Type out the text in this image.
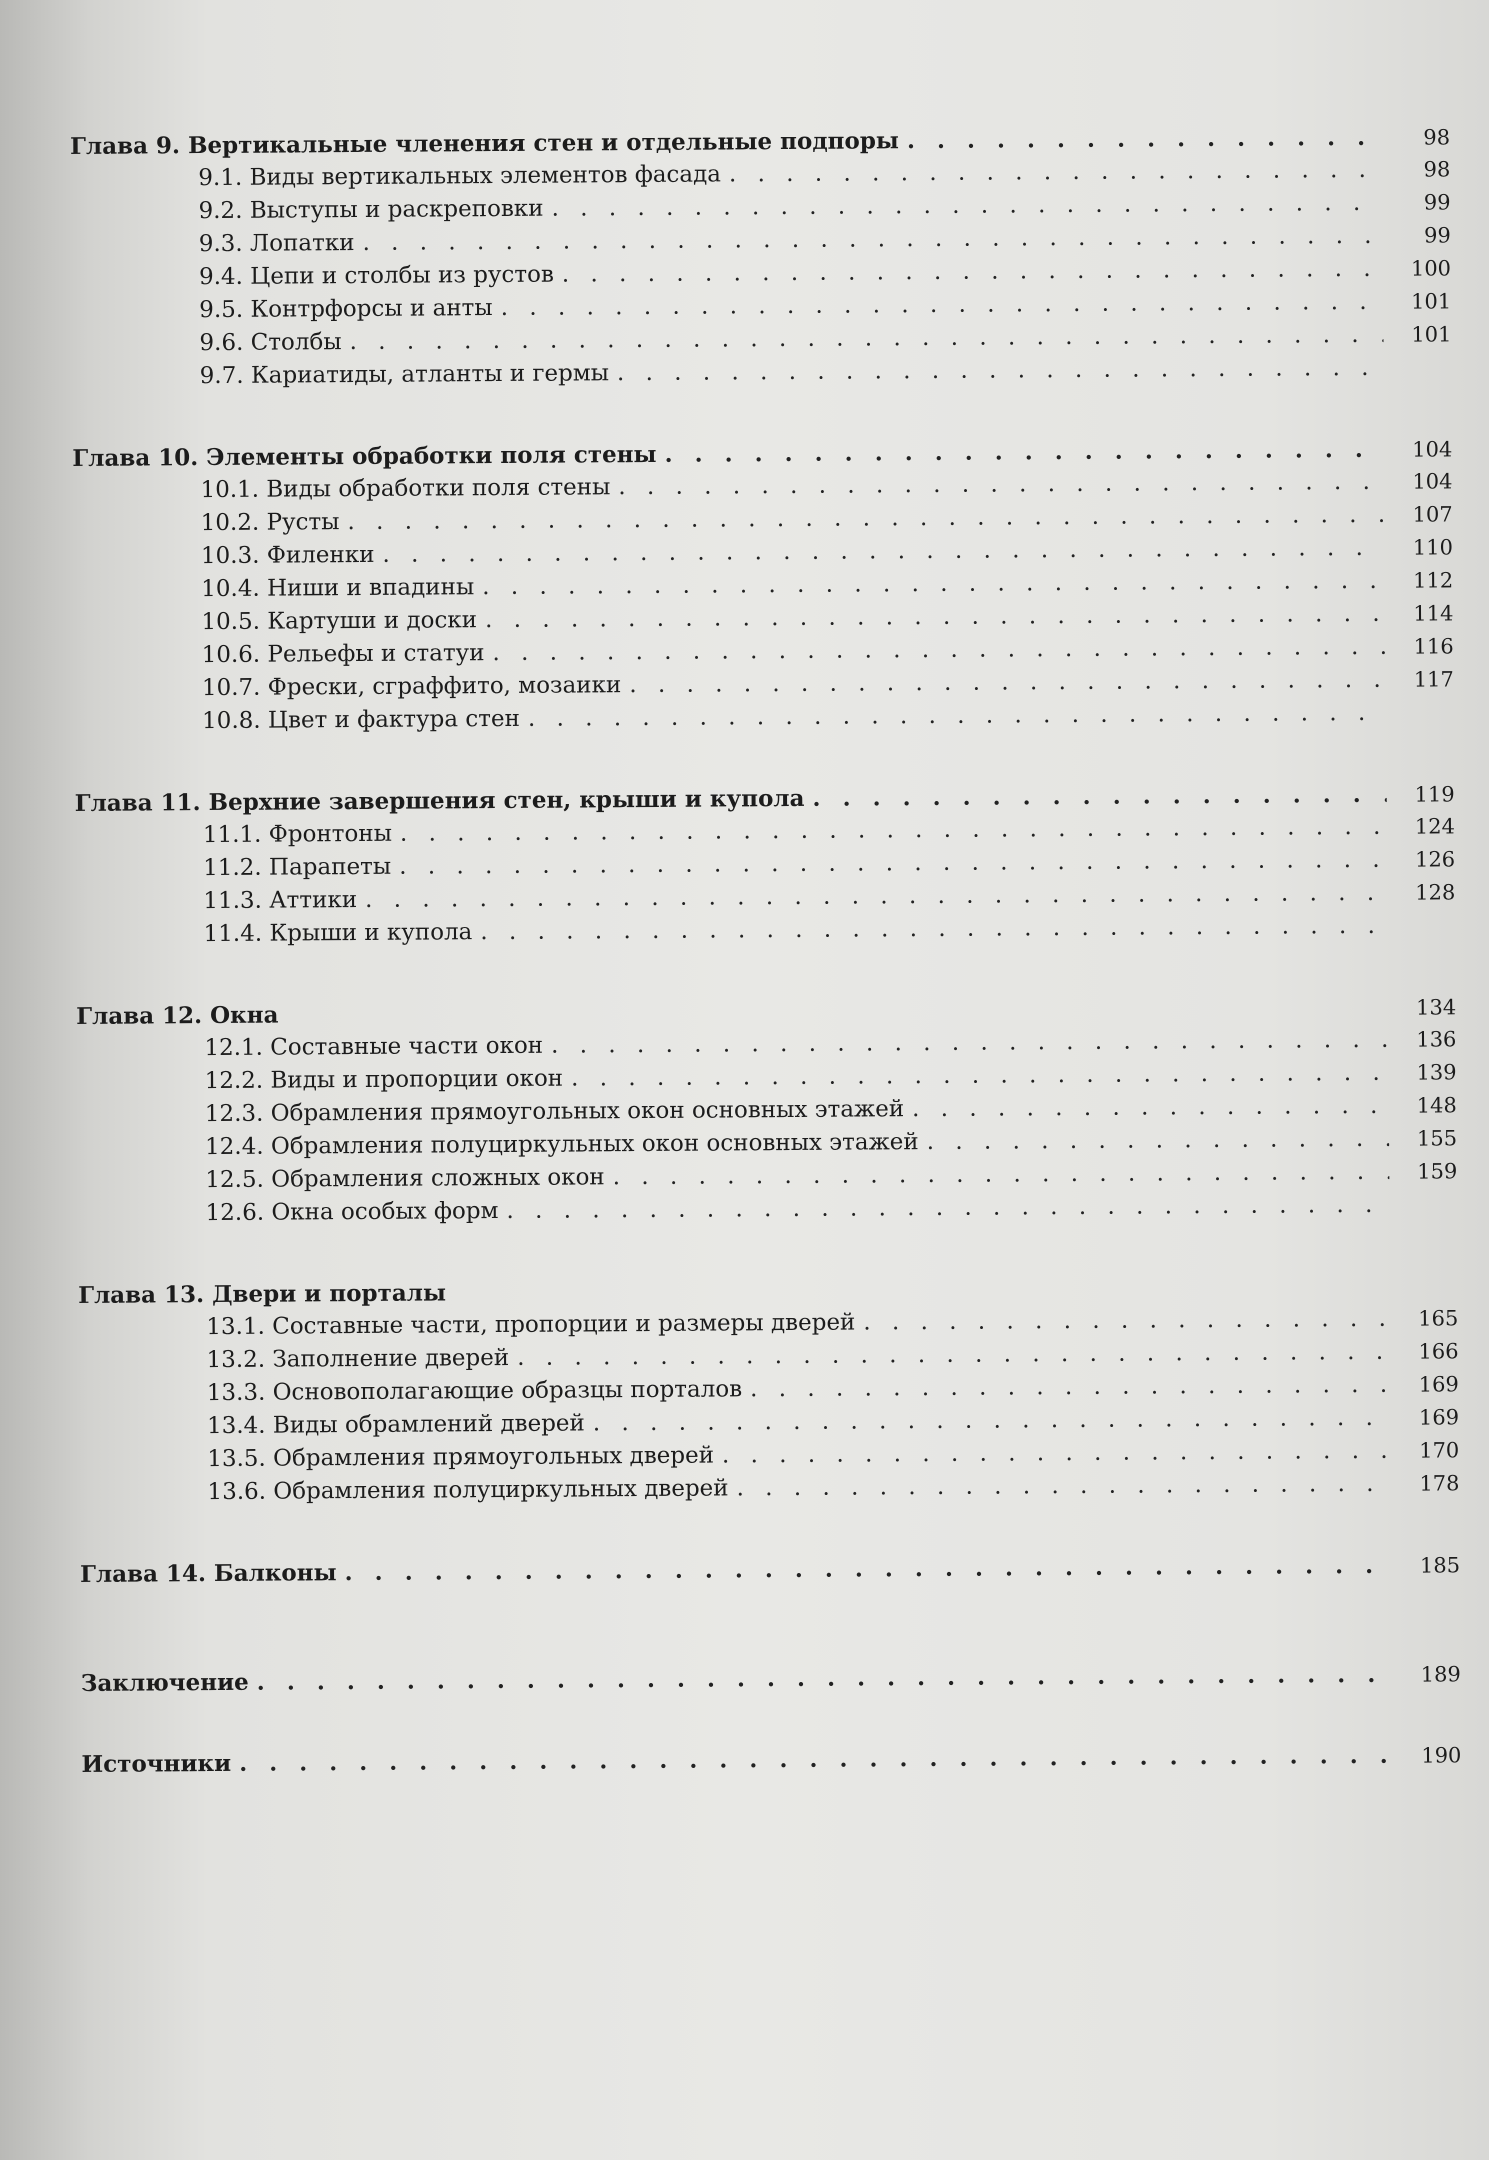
Глава 9. Вертикальные членения стен и отдельные подпоры . . .	98
9.1. Виды вертикальных элементов фасада . . .	98
9.2. Выступы и раскреповки . . .	99
9.3. Лопатки . . .	99
9.4. Цепи и столбы из рустов . . .	100
9.5. Контрфорсы и анты . . .	101
9.6. Столбы . . .	101
9.7. Кариатиды, атланты и гермы
. . .
Глава 10. Элементы обработки поля стены . . .	104
10.1. Виды обработки поля стены . . .	104
10.2. Русты . . .	107
10.3. Филенки . . .	110
10.4. Ниши и впадины . . .	112
10.5. Картуши и доски . . .	114
10.6. Рельефы и статуи . . .	116
10.7. Фрески, сграффито, мозаики . . .	117
10.8. Цвет и фактура стен
. . .
Глава 11. Верхние завершения стен, крыши и купола . . .	119
11.1. Фронтоны . . .	124
11.2. Парапеты . . .	126
11.3. Аттики . . .	128
11.4. Крыши и купола
. . .
Глава 12. Окна	134
12.1. Составные части окон . . .	136
12.2. Виды и пропорции окон . . .	139
12.3. Обрамления прямоугольных окон основных этажей . . .	148
12.4. Обрамления полуциркульных окон основных этажей . . .	155
12.5. Обрамления сложных окон . . .	159
12.6. Окна особых форм
. . .
Глава 13. Двери и порталы
13.1. Составные части, пропорции и размеры дверей . . .	165
13.2. Заполнение дверей . . .	166
13.3. Основополагающие образцы порталов . . .	169
13.4. Виды обрамлений дверей . . .	169
13.5. Обрамления прямоугольных дверей . . .	170
13.6. Обрамления полуциркульных дверей . . .	178
Глава 14. Балконы . . .	185
Заключение . . .	189
Источники . . .	190
